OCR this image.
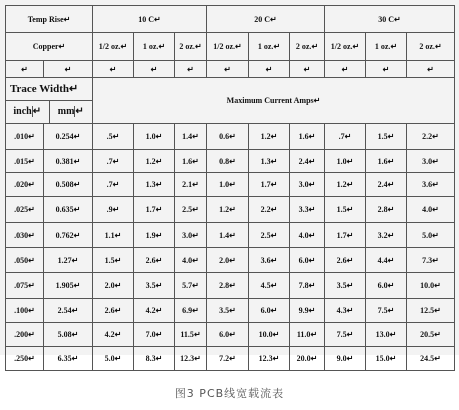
Temp Rise↵		10 C↵			20 C↵			30 C↵		
Copper↵		1/2 oz.↵	1 oz.↵	2 oz.↵	1/2 oz.↵	1 oz.↵	2 oz.↵	1/2 oz.↵	1 oz.↵	2 oz.↵
↵	↵	↵	↵	↵	↵	↵	↵	↵	↵	↵

Trace Width↵
inch↵ mm↵		Maximum Current Amps↵								
.010↵	0.254↵	.5↵	1.0↵	1.4↵	0.6↵	1.2↵	1.6↵	.7↵	1.5↵	2.2↵
.015↵	0.381↵	.7↵	1.2↵	1.6↵	0.8↵	1.3↵	2.4↵	1.0↵	1.6↵	3.0↵
.020↵	0.508↵	.7↵	1.3↵	2.1↵	1.0↵	1.7↵	3.0↵	1.2↵	2.4↵	3.6↵
.025↵	0.635↵	.9↵	1.7↵	2.5↵	1.2↵	2.2↵	3.3↵	1.5↵	2.8↵	4.0↵
.030↵	0.762↵	1.1↵	1.9↵	3.0↵	1.4↵	2.5↵	4.0↵	1.7↵	3.2↵	5.0↵
.050↵	1.27↵	1.5↵	2.6↵	4.0↵	2.0↵	3.6↵	6.0↵	2.6↵	4.4↵	7.3↵
.075↵	1.905↵	2.0↵	3.5↵	5.7↵	2.8↵	4.5↵	7.8↵	3.5↵	6.0↵	10.0↵
.100↵	2.54↵	2.6↵	4.2↵	6.9↵	3.5↵	6.0↵	9.9↵	4.3↵	7.5↵	12.5↵
.200↵	5.08↵	4.2↵	7.0↵	11.5↵	6.0↵	10.0↵	11.0↵	7.5↵	13.0↵	20.5↵
.250↵	6.35↵	5.0↵	8.3↵	12.3↵	7.2↵	12.3↵	20.0↵	9.0↵	15.0↵	24.5↵
图3 PCB线宽载流表
